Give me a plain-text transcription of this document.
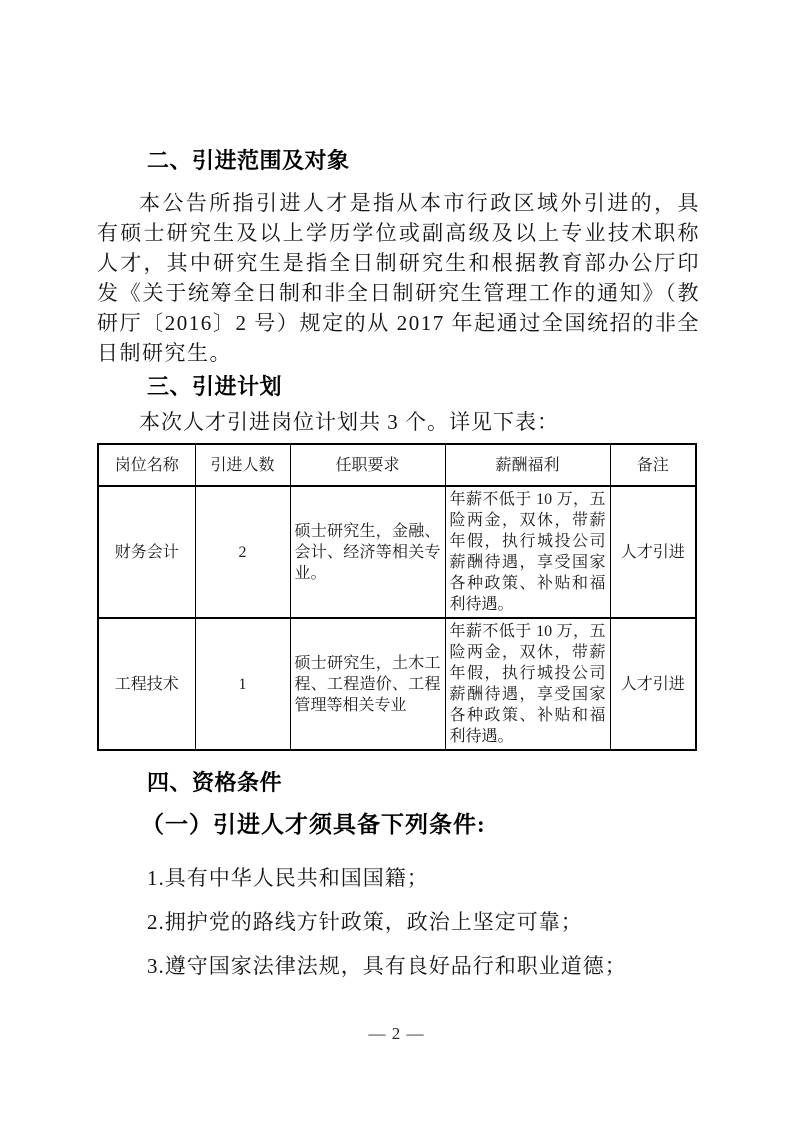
二、引进范围及对象

本公告所指引进人才是指从本市行政区域外引进的，具有硕士研究生及以上学历学位或副高级及以上专业技术职称人才，其中研究生是指全日制研究生和根据教育部办公厅印发《关于统筹全日制和非全日制研究生管理工作的通知》（教研厅〔2016〕2 号）规定的从 2017 年起通过全国统招的非全日制研究生。

三、引进计划

本次人才引进岗位计划共 3 个。详见下表：

岗位名称	引进人数	任职要求	薪酬福利	备注
财务会计	2	硕士研究生，金融、会计、经济等相关专业。	年薪不低于 10 万，五险两金，双休，带薪年假，执行城投公司薪酬待遇，享受国家各种政策、补贴和福利待遇。	人才引进
工程技术	1	硕士研究生，土木工程、工程造价、工程管理等相关专业	年薪不低于 10 万，五险两金，双休，带薪年假，执行城投公司薪酬待遇，享受国家各种政策、补贴和福利待遇。	人才引进
四、资格条件
（一）引进人才须具备下列条件:

1.具有中华人民共和国国籍；

2.拥护党的路线方针政策，政治上坚定可靠；

3.遵守国家法律法规，具有良好品行和职业道德；

— 2 —
